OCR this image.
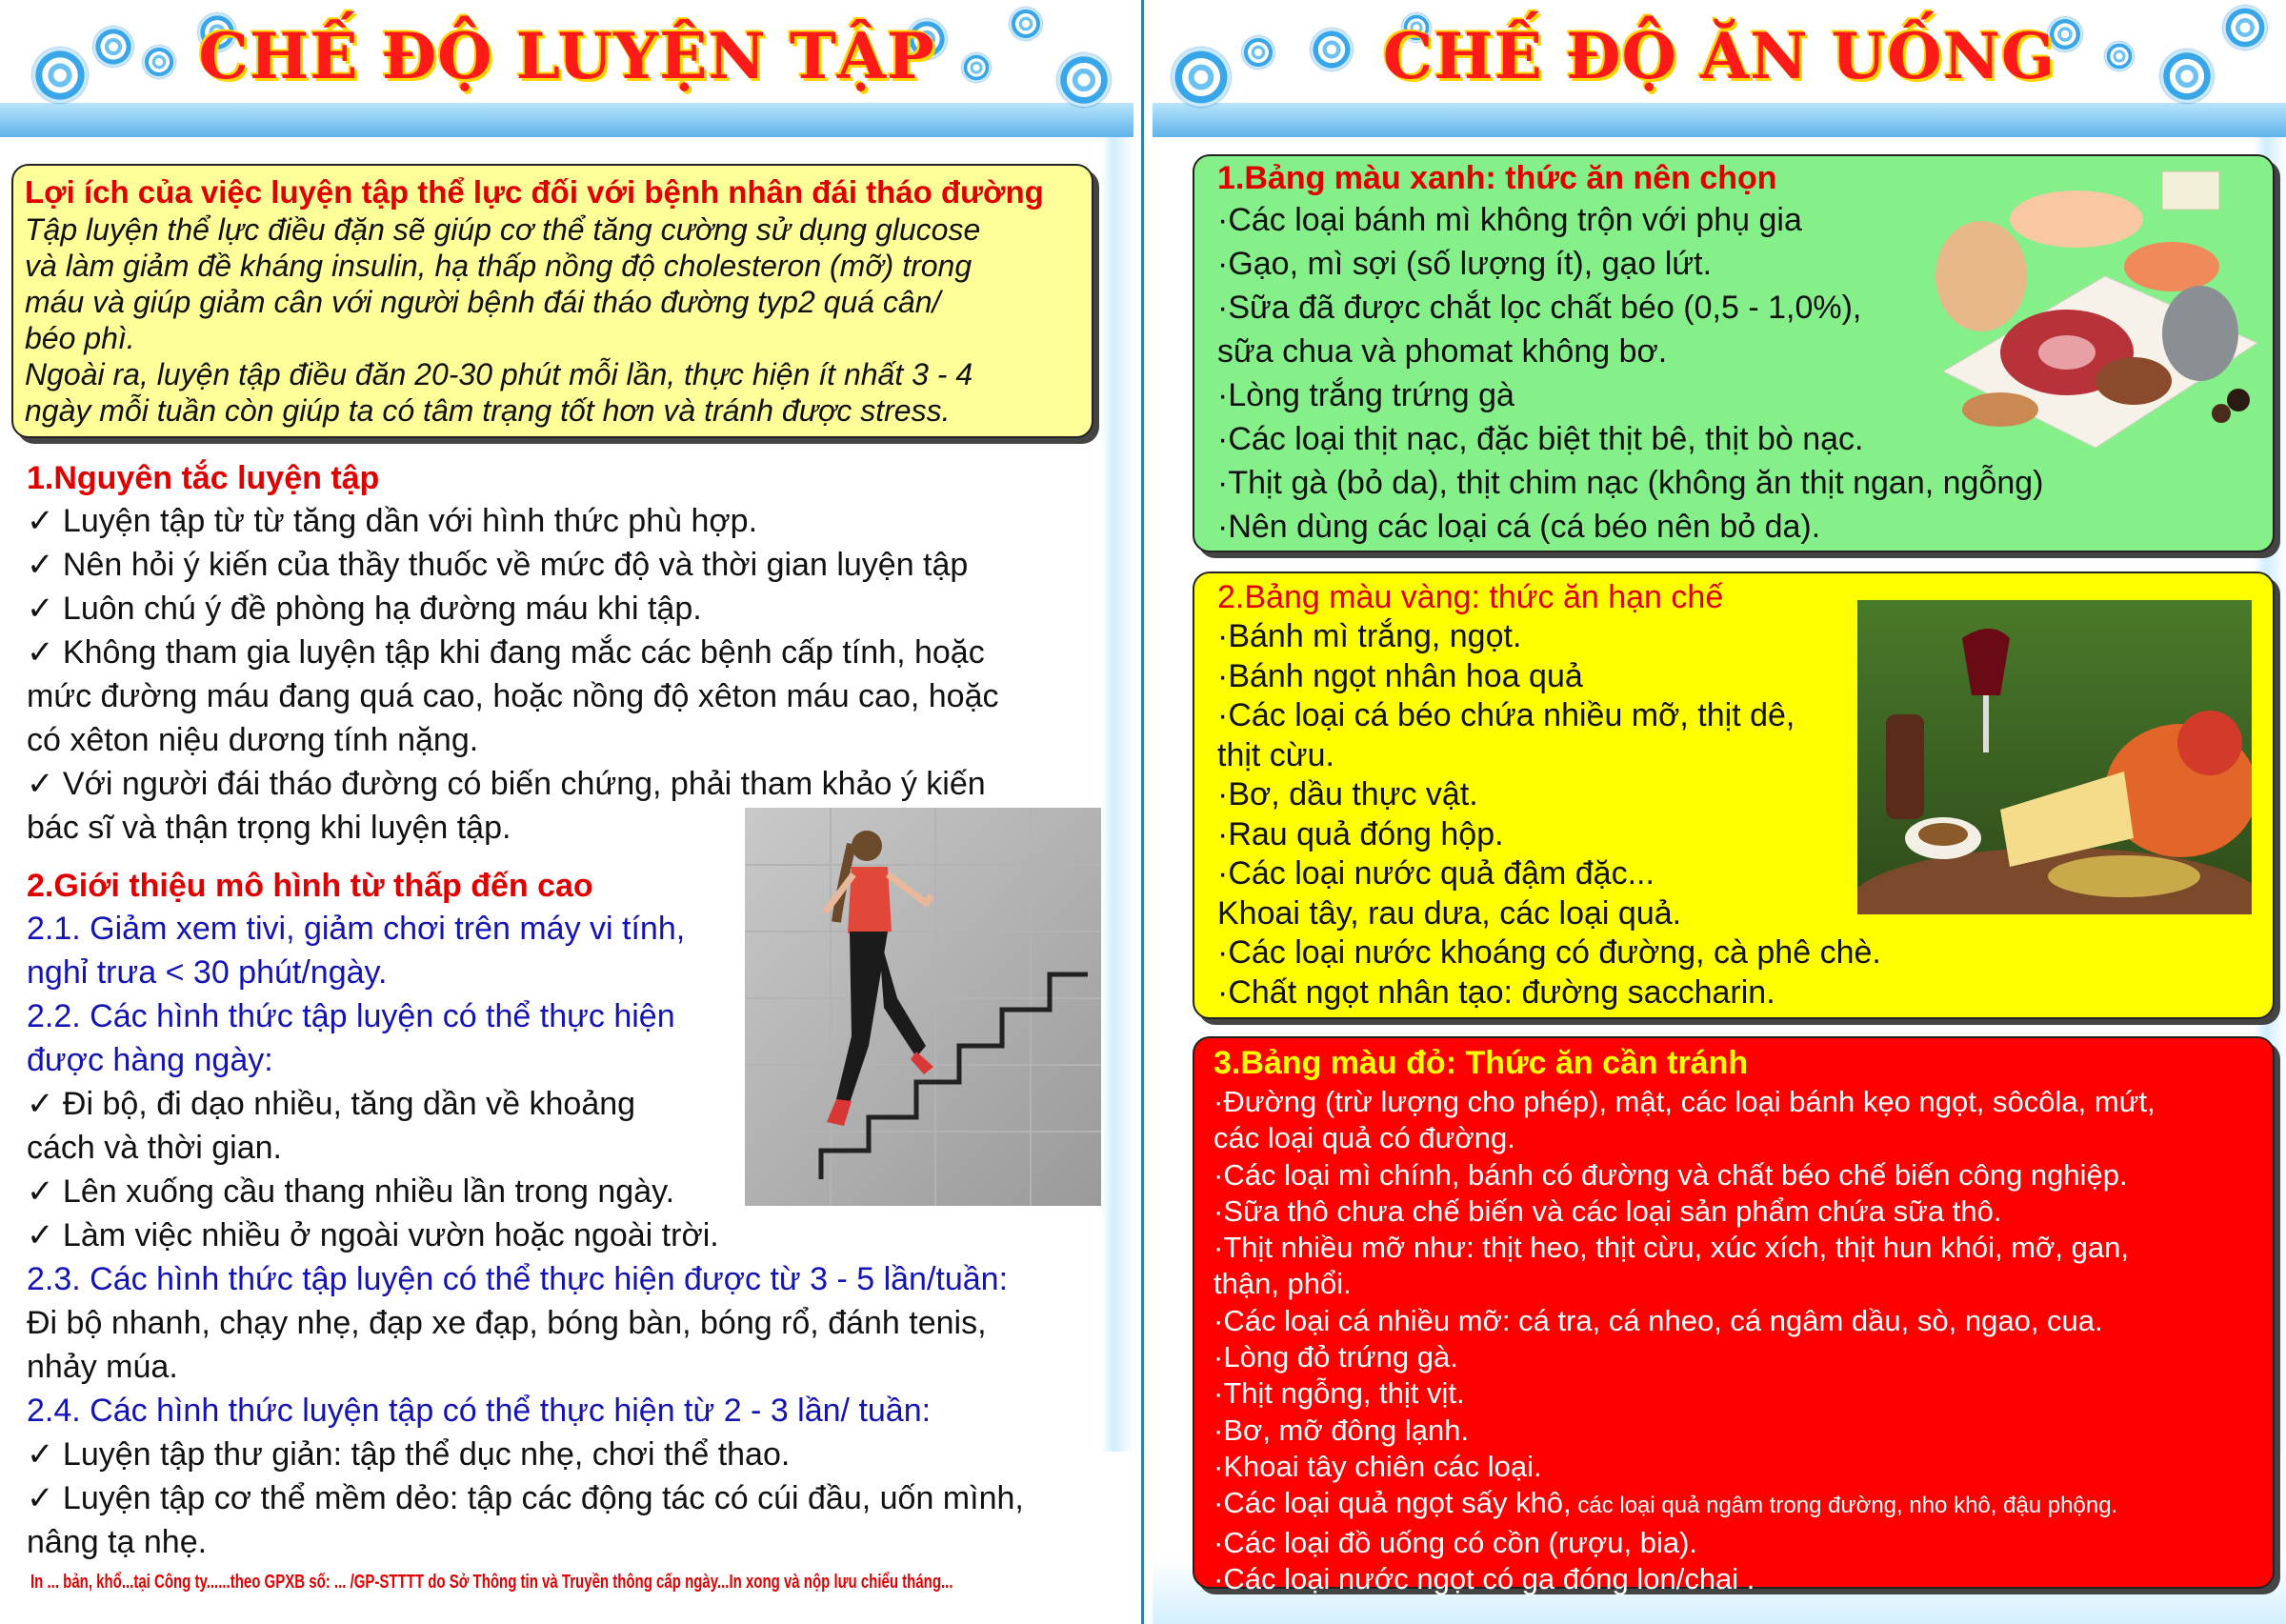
CHẾ ĐỘ LUYỆN TẬP
Lợi ích của việc luyện tập thể lực đối với bệnh nhân đái tháo đường
Tập luyện thể lực điều đặn sẽ giúp cơ thể tăng cường sử dụng glucose
và làm giảm đề kháng insulin, hạ thấp nồng độ cholesteron (mỡ) trong
máu và giúp giảm cân với người bệnh đái tháo đường typ2 quá cân/
béo phì.
Ngoài ra, luyện tập điều đăn 20-30 phút mỗi lần, thực hiện ít nhất 3 - 4
ngày mỗi tuần còn giúp ta có tâm trạng tốt hơn và tránh được stress.
1.Nguyên tắc luyện tập
✓ Luyện tập từ từ tăng dần với hình thức phù hợp.
✓ Nên hỏi ý kiến của thầy thuốc về mức độ và thời gian luyện tập
✓ Luôn chú ý đề phòng hạ đường máu khi tập.
✓ Không tham gia luyện tập khi đang mắc các bệnh cấp tính, hoặc
mức đường máu đang quá cao, hoặc nồng độ xêton máu cao, hoặc
có xêton niệu dương tính nặng.
✓ Với người đái tháo đường có biến chứng, phải tham khảo ý kiến
bác sĩ và thận trọng khi luyện tập.
2.Giới thiệu mô hình từ thấp đến cao
2.1. Giảm xem tivi, giảm chơi trên máy vi tính,
nghỉ trưa < 30 phút/ngày.
2.2. Các hình thức tập luyện có thể thực hiện
được hàng ngày:
✓ Đi bộ, đi dạo nhiều, tăng dần về khoảng
cách và thời gian.
✓ Lên xuống cầu thang nhiều lần trong ngày.
✓ Làm việc nhiều ở ngoài vườn hoặc ngoài trời.
2.3. Các hình thức tập luyện có thể thực hiện được từ 3 - 5 lần/tuần:
Đi bộ nhanh, chạy nhẹ, đạp xe đạp, bóng bàn, bóng rổ, đánh tenis,
nhảy múa.
2.4. Các hình thức luyện tập có thể thực hiện từ 2 - 3 lần/ tuần:
✓ Luyện tập thư giản: tập thể dục nhẹ, chơi thể thao.
✓ Luyện tập cơ thể mềm dẻo: tập các động tác có cúi đầu, uốn mình,
nâng tạ nhẹ.
In ... bản, khổ...tại Công ty......theo GPXB số: ... /GP-STTTT do Sở Thông tin và Truyền thông cấp ngày...In xong và nộp lưu chiểu tháng...
CHẾ ĐỘ ĂN UỐNG
1.Bảng màu xanh: thức ăn nên chọn
·Các loại bánh mì không trộn với phụ gia
·Gạo, mì sợi (số lượng ít), gạo lứt.
·Sữa đã được chắt lọc chất béo (0,5 - 1,0%),
sữa chua và phomat không bơ.
·Lòng trắng trứng gà
·Các loại thịt nạc, đặc biệt thịt bê, thịt bò nạc.
·Thịt gà (bỏ da), thịt chim nạc (không ăn thịt ngan, ngỗng)
·Nên dùng các loại cá (cá béo nên bỏ da).
2.Bảng màu vàng: thức ăn hạn chế
·Bánh mì trắng, ngọt.
·Bánh ngọt nhân hoa quả
·Các loại cá béo chứa nhiều mỡ, thịt dê,
thịt cừu.
·Bơ, dầu thực vật.
·Rau quả đóng hộp.
·Các loại nước quả đậm đặc...
Khoai tây, rau dưa, các loại quả.
·Các loại nước khoáng có đường, cà phê chè.
·Chất ngọt nhân tạo: đường saccharin.
3.Bảng màu đỏ: Thức ăn cần tránh
·Đường (trừ lượng cho phép), mật, các loại bánh kẹo ngọt, sôcôla, mứt,
các loại quả có đường.
·Các loại mì chính, bánh có đường và chất béo chế biến công nghiệp.
·Sữa thô chưa chế biến và các loại sản phẩm chứa sữa thô.
·Thịt nhiều mỡ như: thịt heo, thịt cừu, xúc xích, thịt hun khói, mỡ, gan,
thận, phổi.
·Các loại cá nhiều mỡ: cá tra, cá nheo, cá ngâm dầu, sò, ngao, cua.
·Lòng đỏ trứng gà.
·Thịt ngỗng, thịt vịt.
·Bơ, mỡ đông lạnh.
·Khoai tây chiên các loại.
·Các loại quả ngọt sấy khô, các loại quả ngâm trong đường, nho khô, đậu phộng.
·Các loại đồ uống có cồn (rượu, bia).
·Các loại nước ngọt có ga đóng lon/chai .
